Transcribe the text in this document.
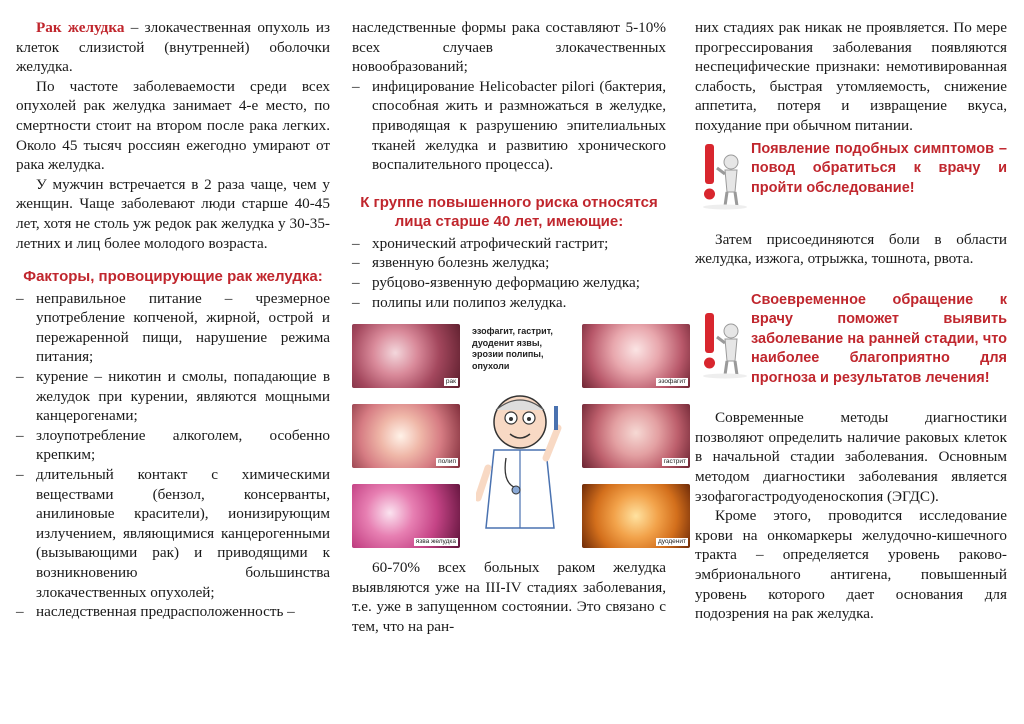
Рак желудка – злокачественная опухоль из клеток слизистой (внутренней) оболочки желудка.

По частоте заболеваемости среди всех опухолей рак желудка занимает 4-е место, по смертности стоит на втором после рака легких. Около 45 тысяч россиян ежегодно умирают от рака желудка.

У мужчин встречается в 2 раза чаще, чем у женщин. Чаще заболевают люди старше 40-45 лет, хотя не столь уж редок рак желудка у 30-35-летних и лиц более молодого возраста.

Факторы, провоцирующие рак желудка:
– неправильное питание – чрезмерное употребление копченой, жирной, острой и пережаренной пищи, нарушение режима питания;
– курение – никотин и смолы, попадающие в желудок при курении, являются мощными канцерогенами;
– злоупотребление алкоголем, особенно крепким;
– длительный контакт с химическими веществами (бензол, консерванты, анилиновые красители), ионизирующим излучением, являющимися канцерогенными (вызывающими рак) и приводящими к возникновению большинства злокачественных опухолей;
– наследственная предрасположенность –

наследственные формы рака составляют 5-10% всех случаев злокачественных новообразований;

– инфицирование Helicobacter pilori (бактерия, способная жить и размножаться в желудке, приводящая к разрушению эпителиальных тканей желудка и развитию хронического воспалительного процесса).
К группе повышенного риска относятся лица старше 40 лет, имеющие:
– хронический атрофический гастрит;
– язвенную болезнь желудка;
– рубцово-язвенную деформацию желудка;
– полипы или полипоз желудка.
рак	эзофагит
полип	гастрит
язва желудка	дуоденит
эзофагит, гастрит, дуоденит язвы, эрозии полипы, опухоли

60-70% всех больных раком желудка выявляются уже на III-IV стадиях заболевания, т.е. уже в запущенном состоянии. Это связано с тем, что на ран-

них стадиях рак никак не проявляется. По мере прогрессирования заболевания появляются неспецифические признаки: немотивированная слабость, быстрая утомляемость, снижение аппетита, потеря и извращение вкуса, похудание при обычном питании.

Появление подобных симптомов – повод обратиться к врачу и пройти обследование!

Затем присоединяются боли в области желудка, изжога, отрыжка, тошнота, рвота.

Своевременное обращение к врачу поможет выявить заболевание на ранней стадии, что наиболее благоприятно для прогноза и результатов лечения!

Современные методы диагностики позволяют определить наличие раковых клеток в начальной стадии заболевания. Основным методом диагностики заболевания является эзофагогастродуоденоскопия (ЭГДС).

Кроме этого, проводится исследование крови на онкомаркеры желудочно-кишечного тракта – определяется уровень раково-эмбрионального антигена, повышенный уровень которого дает основания для подозрения на рак желудка.
